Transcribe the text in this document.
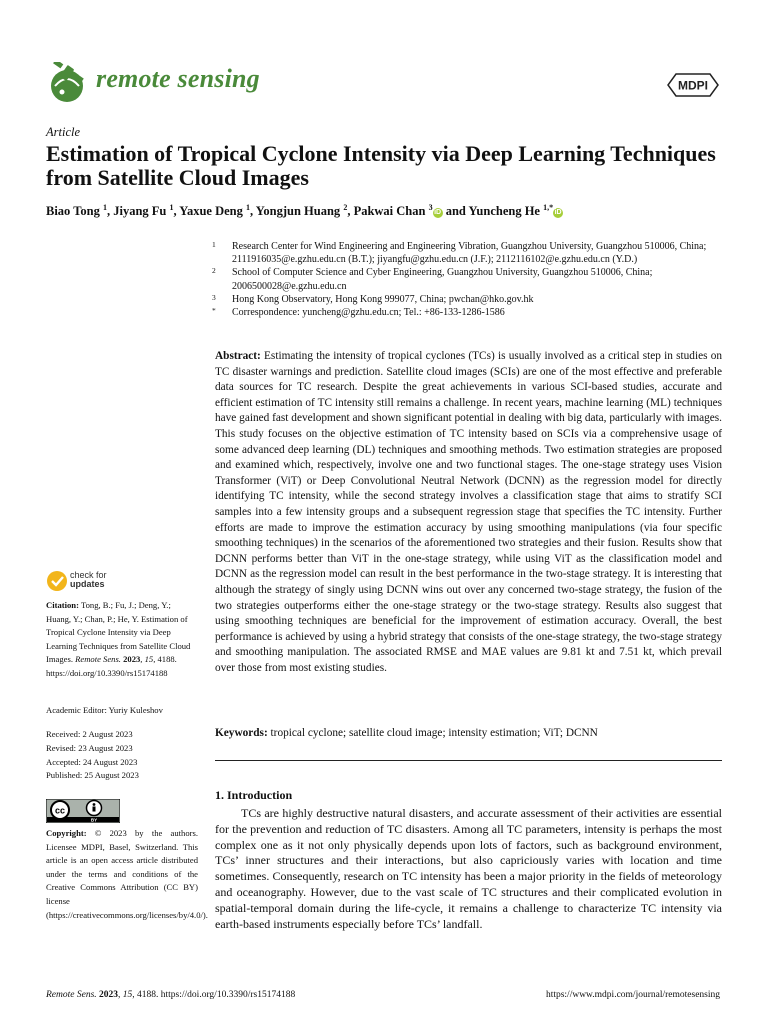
remote sensing	MDPI
Article
Estimation of Tropical Cyclone Intensity via Deep Learning Techniques from Satellite Cloud Images
Biao Tong $^1$, Jiyang Fu $^1$, Yaxue Deng $^1$, Yongjun Huang $^2$, Pakwai Chan $^3$iD and Yuncheng He $^{1,*}$iD
1 Research Center for Wind Engineering and Engineering Vibration, Guangzhou University, Guangzhou 510006, China; 2111916035@e.gzhu.edu.cn (B.T.); jiyangfu@gzhu.edu.cn (J.F.); 2112116102@e.gzhu.edu.cn (Y.D.)
2 School of Computer Science and Cyber Engineering, Guangzhou University, Guangzhou 510006, China; 2006500028@e.gzhu.edu.cn
3 Hong Kong Observatory, Hong Kong 999077, China; pwchan@hko.gov.hk
* Correspondence: yuncheng@gzhu.edu.cn; Tel.: +86-133-1286-1586

Abstract: Estimating the intensity of tropical cyclones (TCs) is usually involved as a critical step in studies on TC disaster warnings and prediction. Satellite cloud images (SCIs) are one of the most effective and preferable data sources for TC research. Despite the great achievements in various SCI-based studies, accurate and efficient estimation of TC intensity still remains a challenge. In recent years, machine learning (ML) techniques have gained fast development and shown significant potential in dealing with big data, particularly with images. This study focuses on the objective estimation of TC intensity based on SCIs via a comprehensive usage of some advanced deep learning (DL) techniques and smoothing methods. Two estimation strategies are proposed and examined which, respectively, involve one and two functional stages. The one-stage strategy uses Vision Transformer (ViT) or Deep Convolutional Neutral Network (DCNN) as the regression model for directly identifying TC intensity, while the second strategy involves a classification stage that aims to stratify SCI samples into a few intensity groups and a subsequent regression stage that specifies the TC intensity. Further efforts are made to improve the estimation accuracy by using smoothing manipulations (via four specific smoothing techniques) in the scenarios of the aforementioned two strategies and their fusion. Results show that DCNN performs better than ViT in the one-stage strategy, while using ViT as the classification model and DCNN as the regression model can result in the best performance in the two-stage strategy. It is interesting that although the strategy of singly using DCNN wins out over any concerned two-stage strategy, the fusion of the two strategies outperforms either the one-stage strategy or the two-stage strategy. Results also suggest that using smoothing techniques are beneficial for the improvement of estimation accuracy. Overall, the best performance is achieved by using a hybrid strategy that consists of the one-stage strategy, the two-stage strategy and smoothing manipulation. The associated RMSE and MAE values are 9.81 kt and 7.51 kt, which prevail over those from most existing studies.

Keywords: tropical cyclone; satellite cloud image; intensity estimation; ViT; DCNN
1. Introduction

TCs are highly destructive natural disasters, and accurate assessment of their activities are essential for the prevention and reduction of TC disasters. Among all TC parameters, intensity is perhaps the most complex one as it not only physically depends upon lots of factors, such as background environment, TCs’ inner structures and their interactions, but also capriciously varies with location and time sometimes. Consequently, research on TC intensity has been a major priority in the fields of meteorology and oceanography. However, due to the vast scale of TC structures and their complicated evolution in spatial-temporal domain during the life-cycle, it remains a challenge to characterize TC intensity via earth-based instruments especially before TCs’ landfall.

check for
updates
Citation: Tong, B.; Fu, J.; Deng, Y.; Huang, Y.; Chan, P.; He, Y. Estimation of Tropical Cyclone Intensity via Deep Learning Techniques from Satellite Cloud Images. Remote Sens. 2023, 15, 4188. https://doi.org/10.3390/rs15174188
Academic Editor: Yuriy Kuleshov
Received: 2 August 2023
Revised: 23 August 2023
Accepted: 24 August 2023
Published: 25 August 2023
cc
BY
Copyright: © 2023 by the authors. Licensee MDPI, Basel, Switzerland. This article is an open access article distributed under the terms and conditions of the Creative Commons Attribution (CC BY) license (https://creativecommons.org/licenses/by/4.0/).
Remote Sens. 2023, 15, 4188. https://doi.org/10.3390/rs15174188	https://www.mdpi.com/journal/remotesensing
